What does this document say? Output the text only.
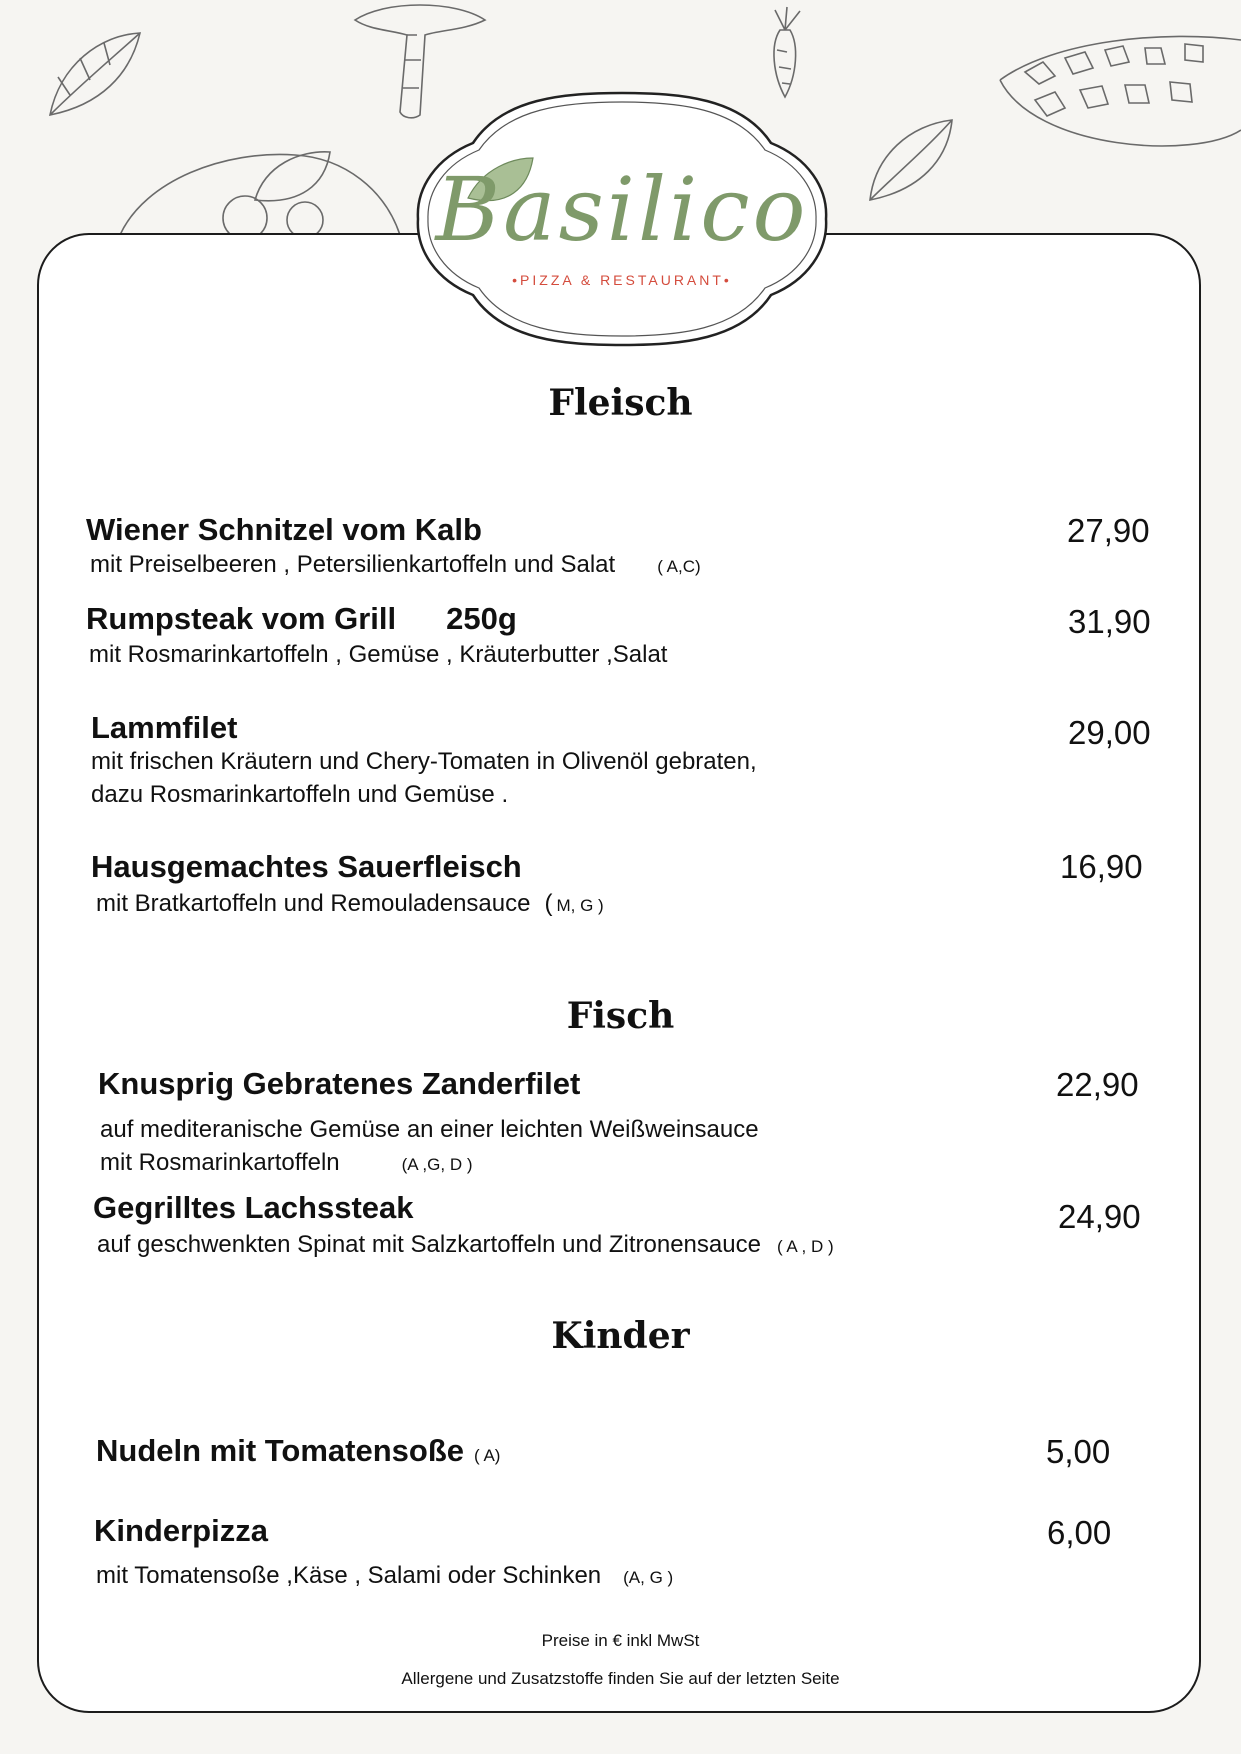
Basilico
•PIZZA & RESTAURANT•
Fleisch
Wiener Schnitzel vom Kalb
mit Preiselbeeren , Petersilienkartoffeln und Salat ( A,C)
27,90
Rumpsteak vom Grill 250g
mit Rosmarinkartoffeln , Gemüse , Kräuterbutter ,Salat
31,90
Lammfilet
mit frischen Kräutern und Chery-Tomaten in Olivenöl gebraten,
dazu Rosmarinkartoffeln und Gemüse .
29,00
Hausgemachtes Sauerfleisch
mit Bratkartoffeln und Remouladensauce ( M, G )
16,90
Fisch
Knusprig Gebratenes Zanderfilet
auf mediteranische Gemüse an einer leichten Weißweinsauce
mit Rosmarinkartoffeln	(A ,G, D )
22,90
Gegrilltes Lachssteak
auf geschwenkten Spinat mit Salzkartoffeln und Zitronensauce ( A , D )
24,90
Kinder
Nudeln mit Tomatensoße ( A)	5,00
Kinderpizza
mit Tomatensoße ,Käse , Salami oder Schinken (A, G )
6,00
Preise in € inkl MwSt
Allergene und Zusatzstoffe finden Sie auf der letzten Seite
